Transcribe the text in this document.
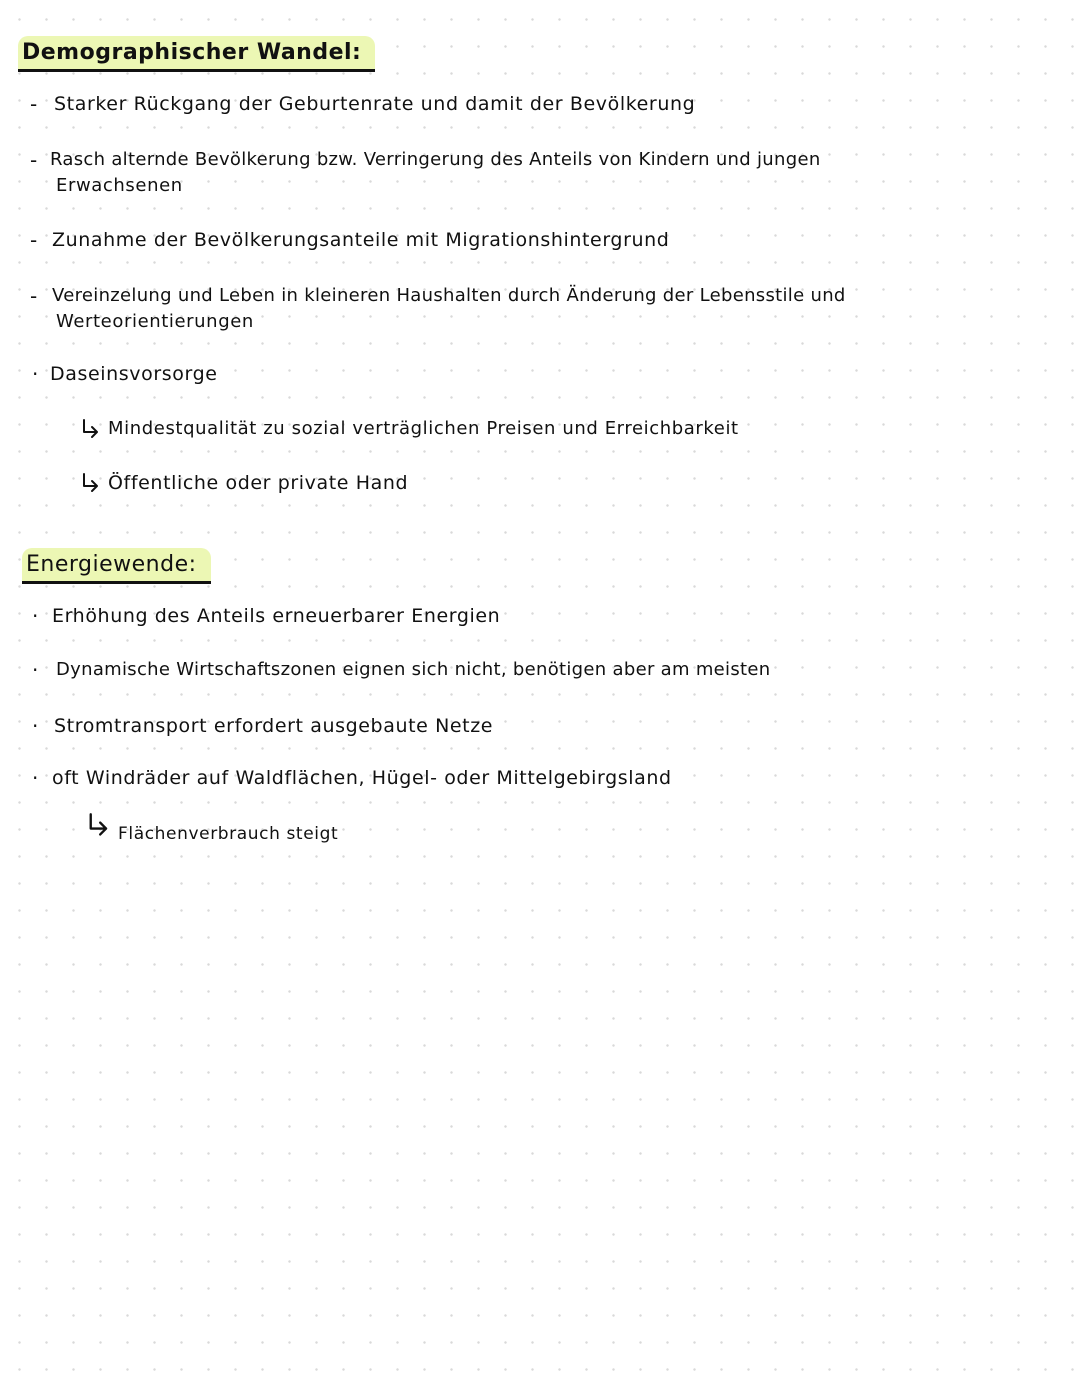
Demographischer Wandel:
- Starker Rückgang der Geburtenrate und damit der Bevölkerung
- Rasch alternde Bevölkerung bzw. Verringerung des Anteils von Kindern und jungen
Erwachsenen
- Zunahme der Bevölkerungsanteile mit Migrationshintergrund
- Vereinzelung und Leben in kleineren Haushalten durch Änderung der Lebensstile und
Werteorientierungen
· Daseinsvorsorge
Mindestqualität zu sozial verträglichen Preisen und Erreichbarkeit
Öffentliche oder private Hand
Energiewende:
· Erhöhung des Anteils erneuerbarer Energien
· Dynamische Wirtschaftszonen eignen sich nicht, benötigen aber am meisten
· Stromtransport erfordert ausgebaute Netze
· oft Windräder auf Waldflächen, Hügel- oder Mittelgebirgsland
Flächenverbrauch steigt
